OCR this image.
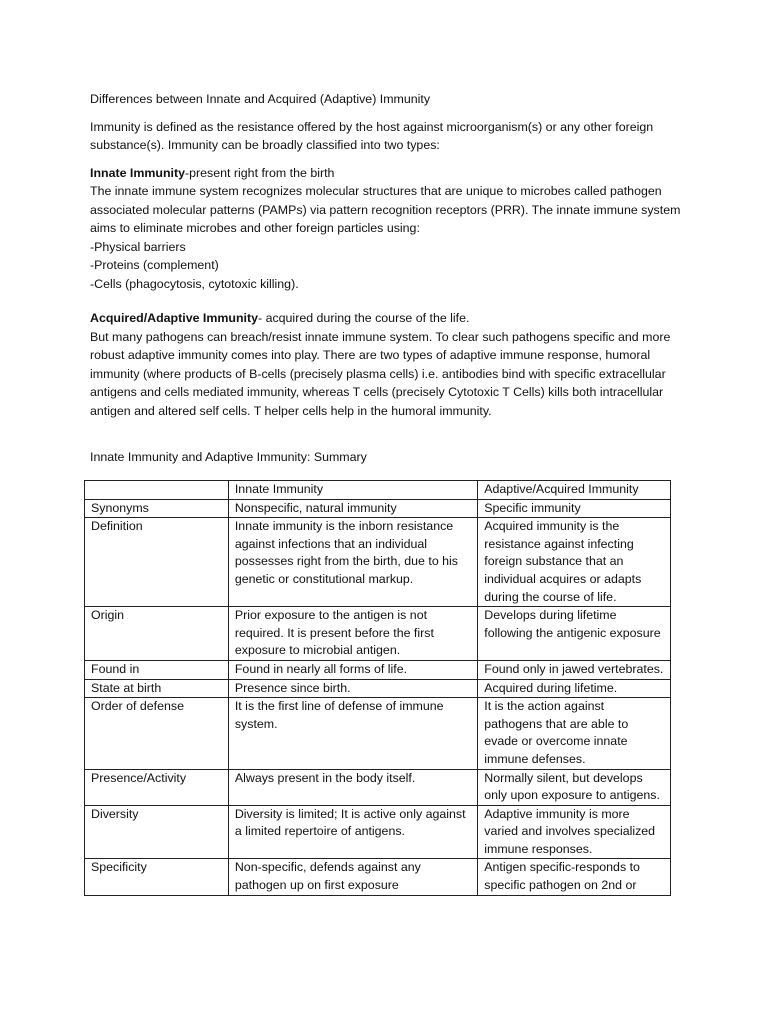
Differences between Innate and Acquired (Adaptive) Immunity

Immunity is defined as the resistance offered by the host against microorganism(s) or any other foreign substance(s). Immunity can be broadly classified into two types:

Innate Immunity-present right from the birth

The innate immune system recognizes molecular structures that are unique to microbes called pathogen associated molecular patterns (PAMPs) via pattern recognition receptors (PRR). The innate immune system aims to eliminate microbes and other foreign particles using:

-Physical barriers

-Proteins (complement)

-Cells (phagocytosis, cytotoxic killing).

Acquired/Adaptive Immunity- acquired during the course of the life.

But many pathogens can breach/resist innate immune system. To clear such pathogens specific and more robust adaptive immunity comes into play. There are two types of adaptive immune response, humoral immunity (where products of B-cells (precisely plasma cells) i.e. antibodies bind with specific extracellular antigens and cells mediated immunity, whereas T cells (precisely Cytotoxic T Cells) kills both intracellular antigen and altered self cells. T helper cells help in the humoral immunity.

Innate Immunity and Adaptive Immunity: Summary

	Innate Immunity	Adaptive/Acquired Immunity
Synonyms	Nonspecific, natural immunity	Specific immunity
Definition	Innate immunity is the inborn resistance against infections that an individual possesses right from the birth, due to his genetic or constitutional markup.	Acquired immunity is the resistance against infecting foreign substance that an individual acquires or adapts during the course of life.
Origin	Prior exposure to the antigen is not required. It is present before the first exposure to microbial antigen.	Develops during lifetime following the antigenic exposure
Found in	Found in nearly all forms of life.	Found only in jawed vertebrates.
State at birth	Presence since birth.	Acquired during lifetime.
Order of defense	It is the first line of defense of immune system.	It is the action against pathogens that are able to evade or overcome innate immune defenses.
Presence/Activity	Always present in the body itself.	Normally silent, but develops only upon exposure to antigens.
Diversity	Diversity is limited; It is active only against a limited repertoire of antigens.	Adaptive immunity is more varied and involves specialized immune responses.
Specificity	Non-specific, defends against any pathogen up on first exposure	Antigen specific-responds to specific pathogen on 2nd or
